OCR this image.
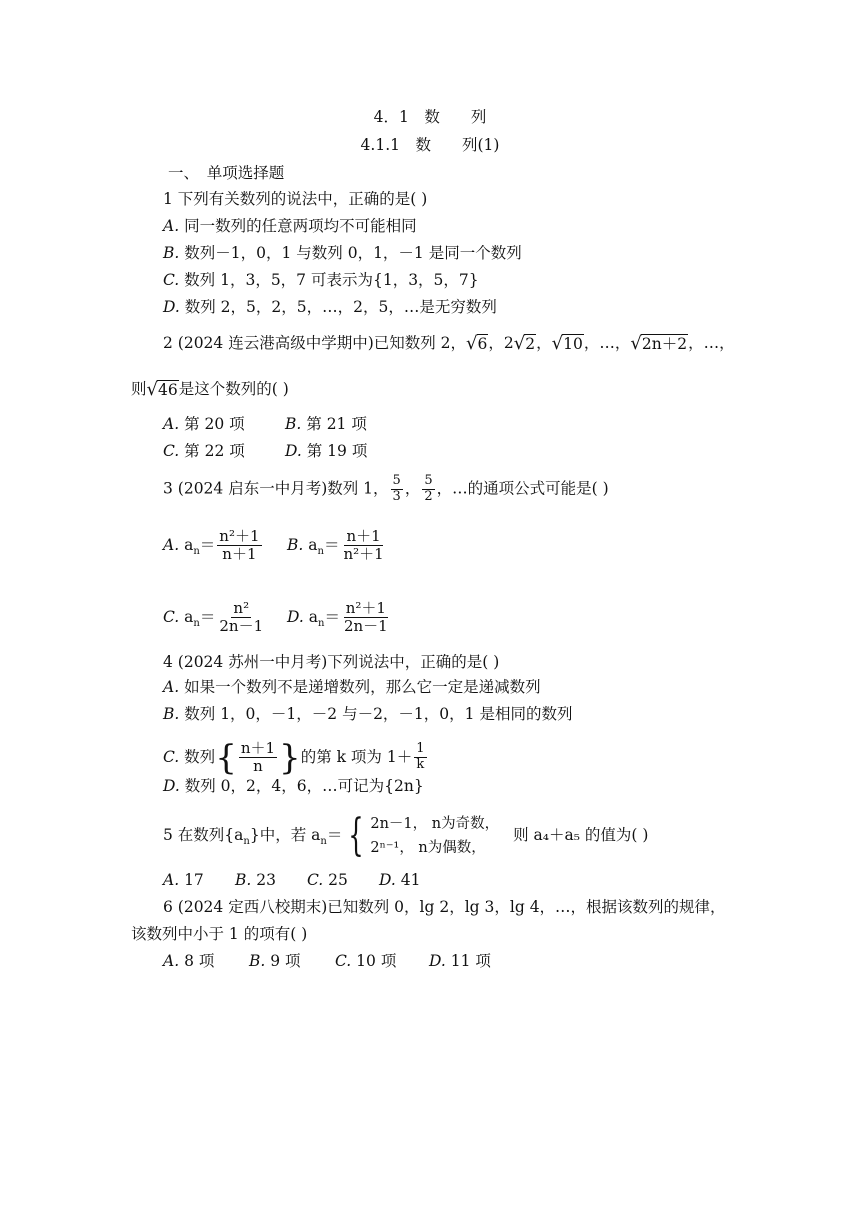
4．1　数　　列
4.1.1　数　　列(1)
一、　单项选择题
1 下列有关数列的说法中，正确的是( )
A. 同一数列的任意两项均不可能相同
B. 数列－1，0，1 与数列 0，1，－1 是同一个数列
C. 数列 1，3，5，7 可表示为{1，3，5，7}
D. 数列 2，5，2，5，…，2，5，…是无穷数列
2 (2024 连云港高级中学期中)已知数列 2， √ 6 ，2 √ 2 ， √ 10 ，…， √ 2n＋2 ，…，
则 √ 46 是这个数列的( )
A. 第 20 项	B. 第 21 项
C. 第 22 项	D. 第 19 项
3 (2024 启东一中月考)数列 1， $\frac{5}{3}$ ， $\frac{5}{2}$ ，…的通项公式可能是( )
A. $a_n= \frac{\text{n²＋1}}{n+1} B$. $a_n= \frac{n+1}{\text{n²＋1}}$
C. $a_n= \frac{\text{n²}}{2n-1} D$. $a_n= \frac{\text{n²＋1}}{2n-1}$
4 (2024 苏州一中月考)下列说法中，正确的是( )
A. 如果一个数列不是递增数列，那么它一定是递减数列
B. 数列 1，0，－1，－2 与－2，－1，0，1 是相同的数列
C. 数列 { $\frac{n+1}{n}$ } 的第 k 项为 $1+ \frac{1}{k}$
D. 数列 0，2，4，6，…可记为{2n}
5 在数列$\{a_n\}$中，若 $a_n=$ { 2n－1， n为奇数，
2ⁿ⁻¹， n为偶数，
则 a₄＋a₅ 的值为( )
A. 17 B. 23 C. 25 D. 41
6 (2024 定西八校期末)已知数列 0，lg 2，lg 3，lg 4，…，根据该数列的规律，
该数列中小于 1 的项有( )
A. 8 项 B. 9 项 C. 10 项 D. 11 项
